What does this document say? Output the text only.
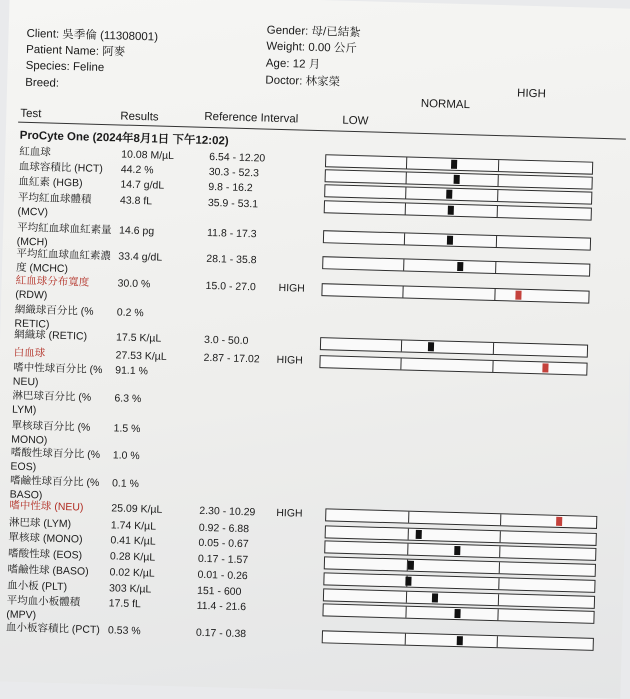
Client: 吳季倫 (11308001)
Patient Name: 阿麥
Species: Feline
Breed:
Gender: 母/已結紮
Weight: 0.00 公斤
Age: 12 月
Doctor: 林家榮
NORMAL
HIGH
Test	Results	Reference Interval	LOW
ProCyte One (2024年8月1日 下午12:02)
紅血球	10.08 M/µL	6.54 - 12.20
血球容積比 (HCT) 44.2 %	30.3 - 52.3
血紅素 (HGB)	14.7 g/dL	9.8 - 16.2
平均紅血球體積
(MCV)
43.8 fL	35.9 - 53.1
平均紅血球血紅素量
(MCH)
14.6 pg	11.8 - 17.3
平均紅血球血紅素濃
度 (MCHC)
33.4 g/dL	28.1 - 35.8
紅血球分布寬度
(RDW)
30.0 %	15.0 - 27.0 HIGH
網織球百分比 (%
RETIC)
0.2 %
網織球 (RETIC)	17.5 K/µL	3.0 - 50.0
白血球	27.53 K/µL	2.87 - 17.02 HIGH
嗜中性球百分比 (%
NEU)
91.1 %
淋巴球百分比 (%
LYM)
6.3 %
單核球百分比 (%
MONO)
1.5 %
嗜酸性球百分比 (%
EOS)
1.0 %
嗜鹼性球百分比 (%
BASO)
0.1 %
嗜中性球 (NEU)	25.09 K/µL	2.30 - 10.29 HIGH
淋巴球 (LYM)	1.74 K/µL	0.92 - 6.88
單核球 (MONO)	0.41 K/µL	0.05 - 0.67
嗜酸性球 (EOS)	0.28 K/µL	0.17 - 1.57
嗜鹼性球 (BASO) 0.02 K/µL	0.01 - 0.26
血小板 (PLT)	303 K/µL	151 - 600
平均血小板體積
(MPV)
17.5 fL	11.4 - 21.6
血小板容積比 (PCT) 0.53 %	0.17 - 0.38
